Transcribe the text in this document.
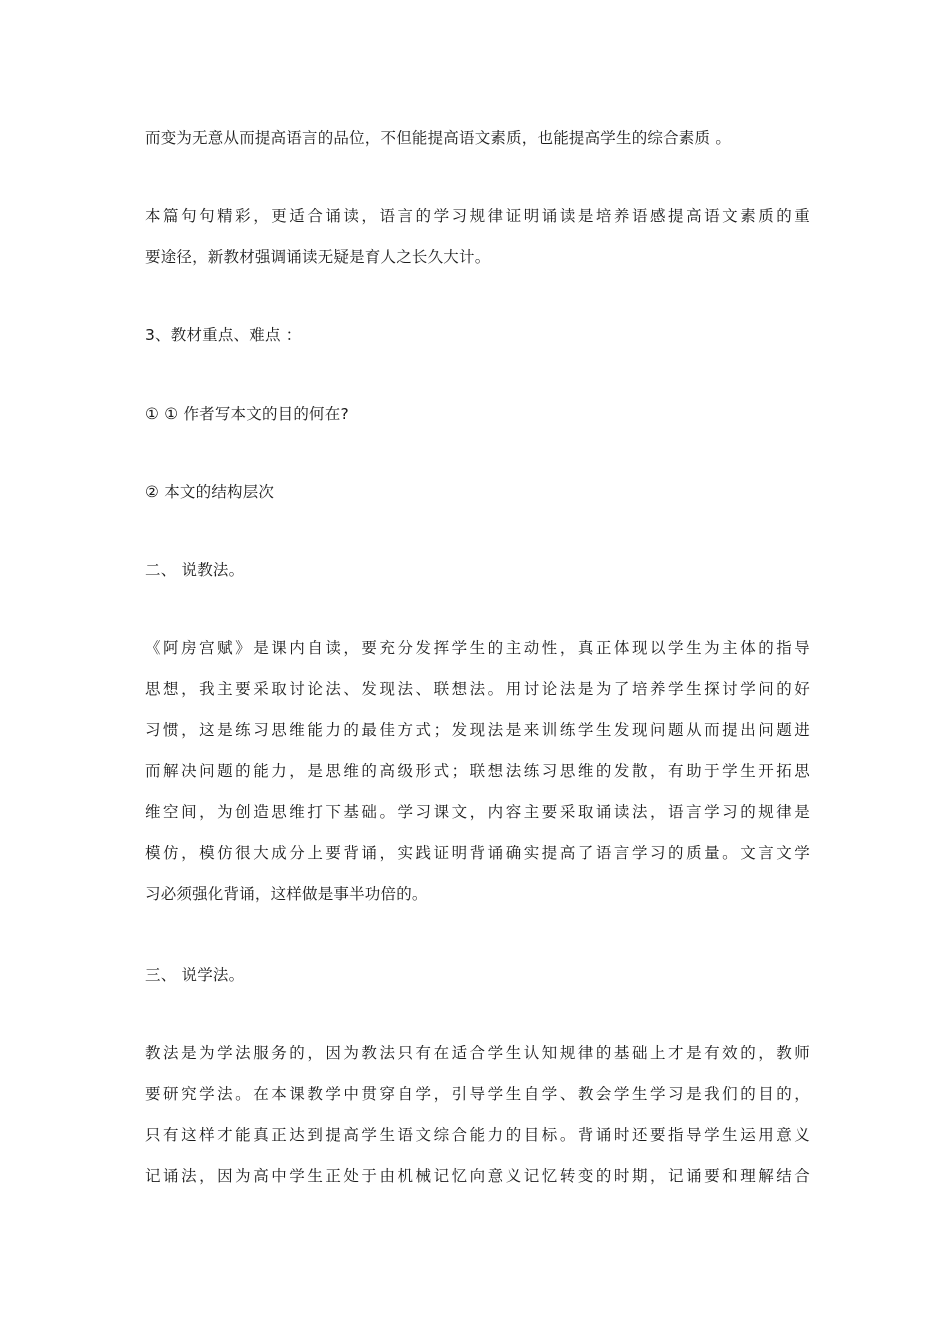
而变为无意从而提高语言的品位，不但能提高语文素质，也能提高学生的综合素质 。
本篇句句精彩，更适合诵读，语言的学习规律证明诵读是培养语感提高语文素质的重
要途径，新教材强调诵读无疑是育人之长久大计。
3、教材重点、难点 ：
① ① 作者写本文的目的何在?
② 本文的结构层次
二、 说教法。
《阿房宫赋》是课内自读，要充分发挥学生的主动性，真正体现以学生为主体的指导
思想，我主要采取讨论法、发现法、联想法。用讨论法是为了培养学生探讨学问的好
习惯，这是练习思维能力的最佳方式；发现法是来训练学生发现问题从而提出问题进
而解决问题的能力，是思维的高级形式；联想法练习思维的发散，有助于学生开拓思
维空间，为创造思维打下基础。学习课文，内容主要采取诵读法，语言学习的规律是
模仿，模仿很大成分上要背诵，实践证明背诵确实提高了语言学习的质量。文言文学
习必须强化背诵，这样做是事半功倍的。
三、 说学法。
教法是为学法服务的，因为教法只有在适合学生认知规律的基础上才是有效的，教师
要研究学法。在本课教学中贯穿自学，引导学生自学、教会学生学习是我们的目的，
只有这样才能真正达到提高学生语文综合能力的目标。背诵时还要指导学生运用意义
记诵法，因为高中学生正处于由机械记忆向意义记忆转变的时期，记诵要和理解结合
